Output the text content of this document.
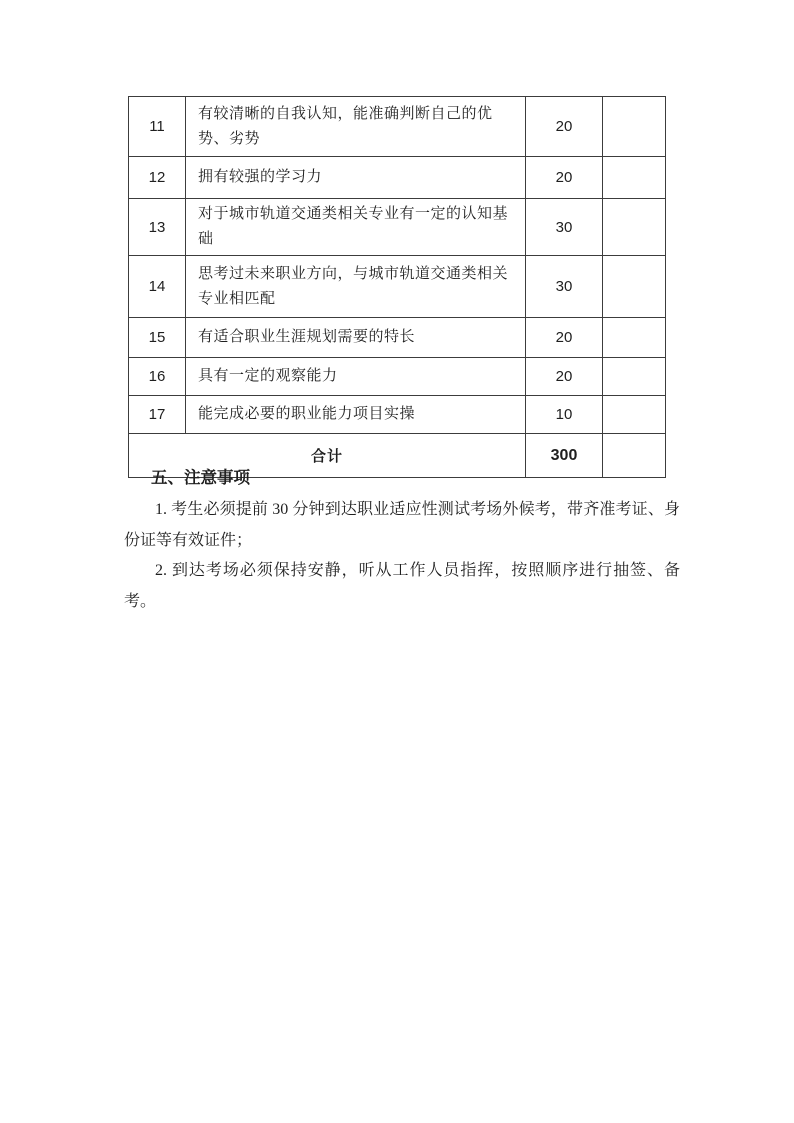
11	有较清晰的自我认知，能准确判断自己的优势、劣势	20	
12	拥有较强的学习力	20	
13	对于城市轨道交通类相关专业有一定的认知基础	30	
14	思考过未来职业方向，与城市轨道交通类相关专业相匹配	30	
15	有适合职业生涯规划需要的特长	20	
16	具有一定的观察能力	20	
17	能完成必要的职业能力项目实操	10	
合计		300	
五、注意事项

1. 考生必须提前 30 分钟到达职业适应性测试考场外候考，带齐准考证、身份证等有效证件；

2. 到达考场必须保持安静，听从工作人员指挥，按照顺序进行抽签、备考。
